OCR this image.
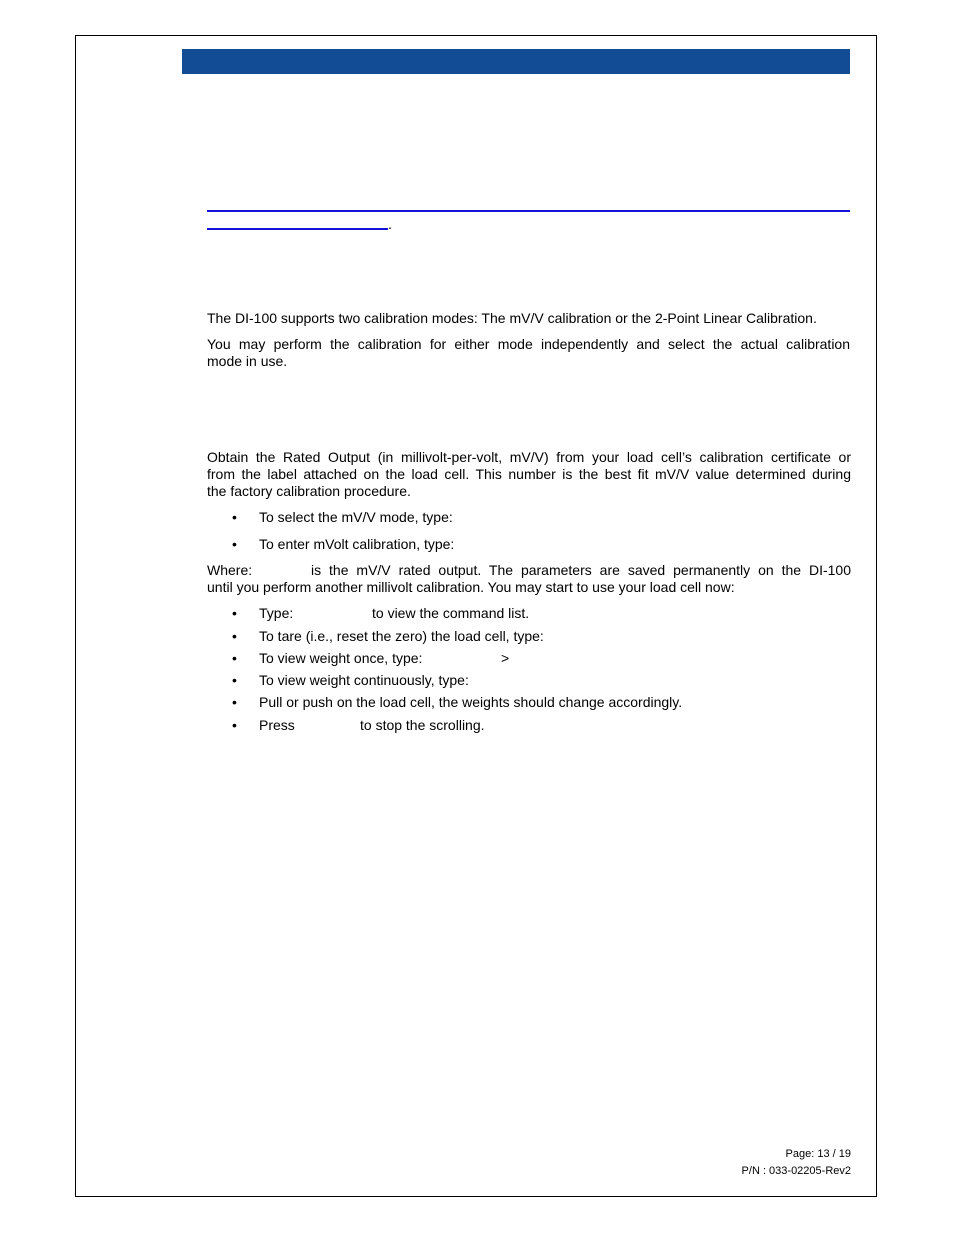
.
The DI-100 supports two calibration modes: The mV/V calibration or the 2-Point Linear Calibration.
You may perform the calibration for either mode independently and select the actual calibration
mode in use.
Obtain the Rated Output (in millivolt-per-volt, mV/V) from your load cell’s calibration certificate or
from the label attached on the load cell. This number is the best fit mV/V value determined during
the factory calibration procedure.
• To select the mV/V mode, type:
• To enter mVolt calibration, type:
Where:	is the mV/V rated output. The parameters are saved permanently on the DI-100
until you perform another millivolt calibration. You may start to use your load cell now:
• Type:	to view the command list.
• To tare (i.e., reset the zero) the load cell, type:
• To view weight once, type:	>
• To view weight continuously, type:
• Pull or push on the load cell, the weights should change accordingly.
• Press	to stop the scrolling.
Page: 13 / 19
P/N : 033-02205-Rev2
